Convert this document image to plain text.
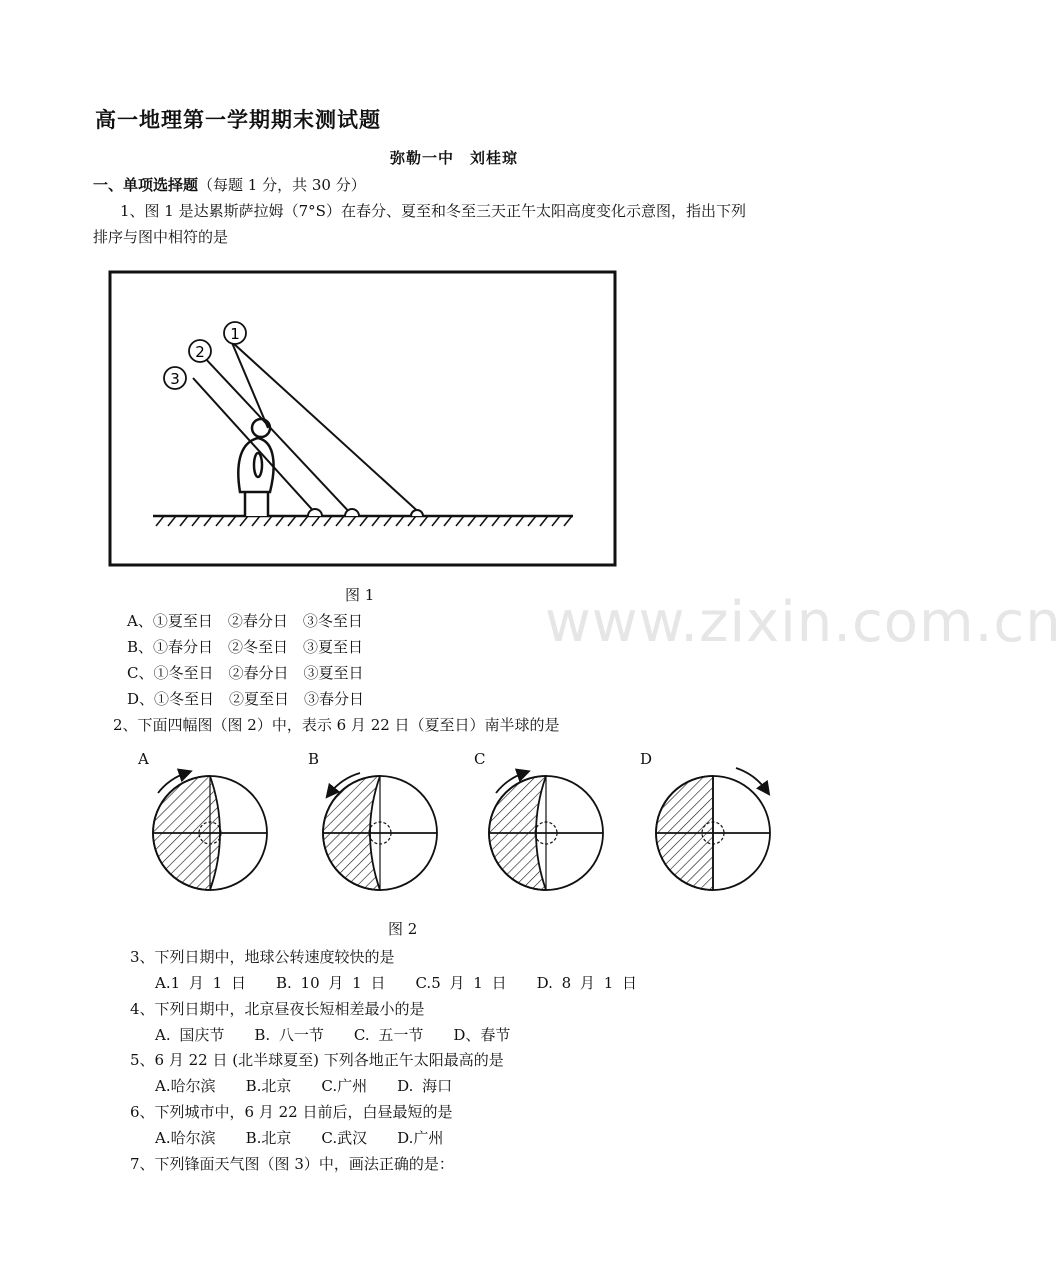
高一地理第一学期期末测试题
弥勒一中　刘桂琼
一、单项选择题（每题 1 分，共 30 分）
1、图 1 是达累斯萨拉姆（7°S）在春分、夏至和冬至三天正午太阳高度变化示意图，指出下列
排序与图中相符的是
1
2
3
图 1	www.zixin.com.cn
A、①夏至日　②春分日　③冬至日
B、①春分日　②冬至日　③夏至日
C、①冬至日　②春分日　③夏至日
D、①冬至日　②夏至日　③春分日
2、下面四幅图（图 2）中，表示 6 月 22 日（夏至日）南半球的是
A	B	C	D
图 2
3、下列日期中，地球公转速度较快的是
A.1 月 1 日　　B. 10 月 1 日　　C.5 月 1 日　　D. 8 月 1 日
4、下列日期中，北京昼夜长短相差最小的是
A. 国庆节　　B. 八一节　　C. 五一节　　D、春节
5、6 月 22 日 (北半球夏至) 下列各地正午太阳最高的是
A.哈尔滨　　B.北京　　C.广州　　D. 海口
6、下列城市中，6 月 22 日前后，白昼最短的是
A.哈尔滨　　B.北京　　C.武汉　　D.广州
7、下列锋面天气图（图 3）中，画法正确的是：
